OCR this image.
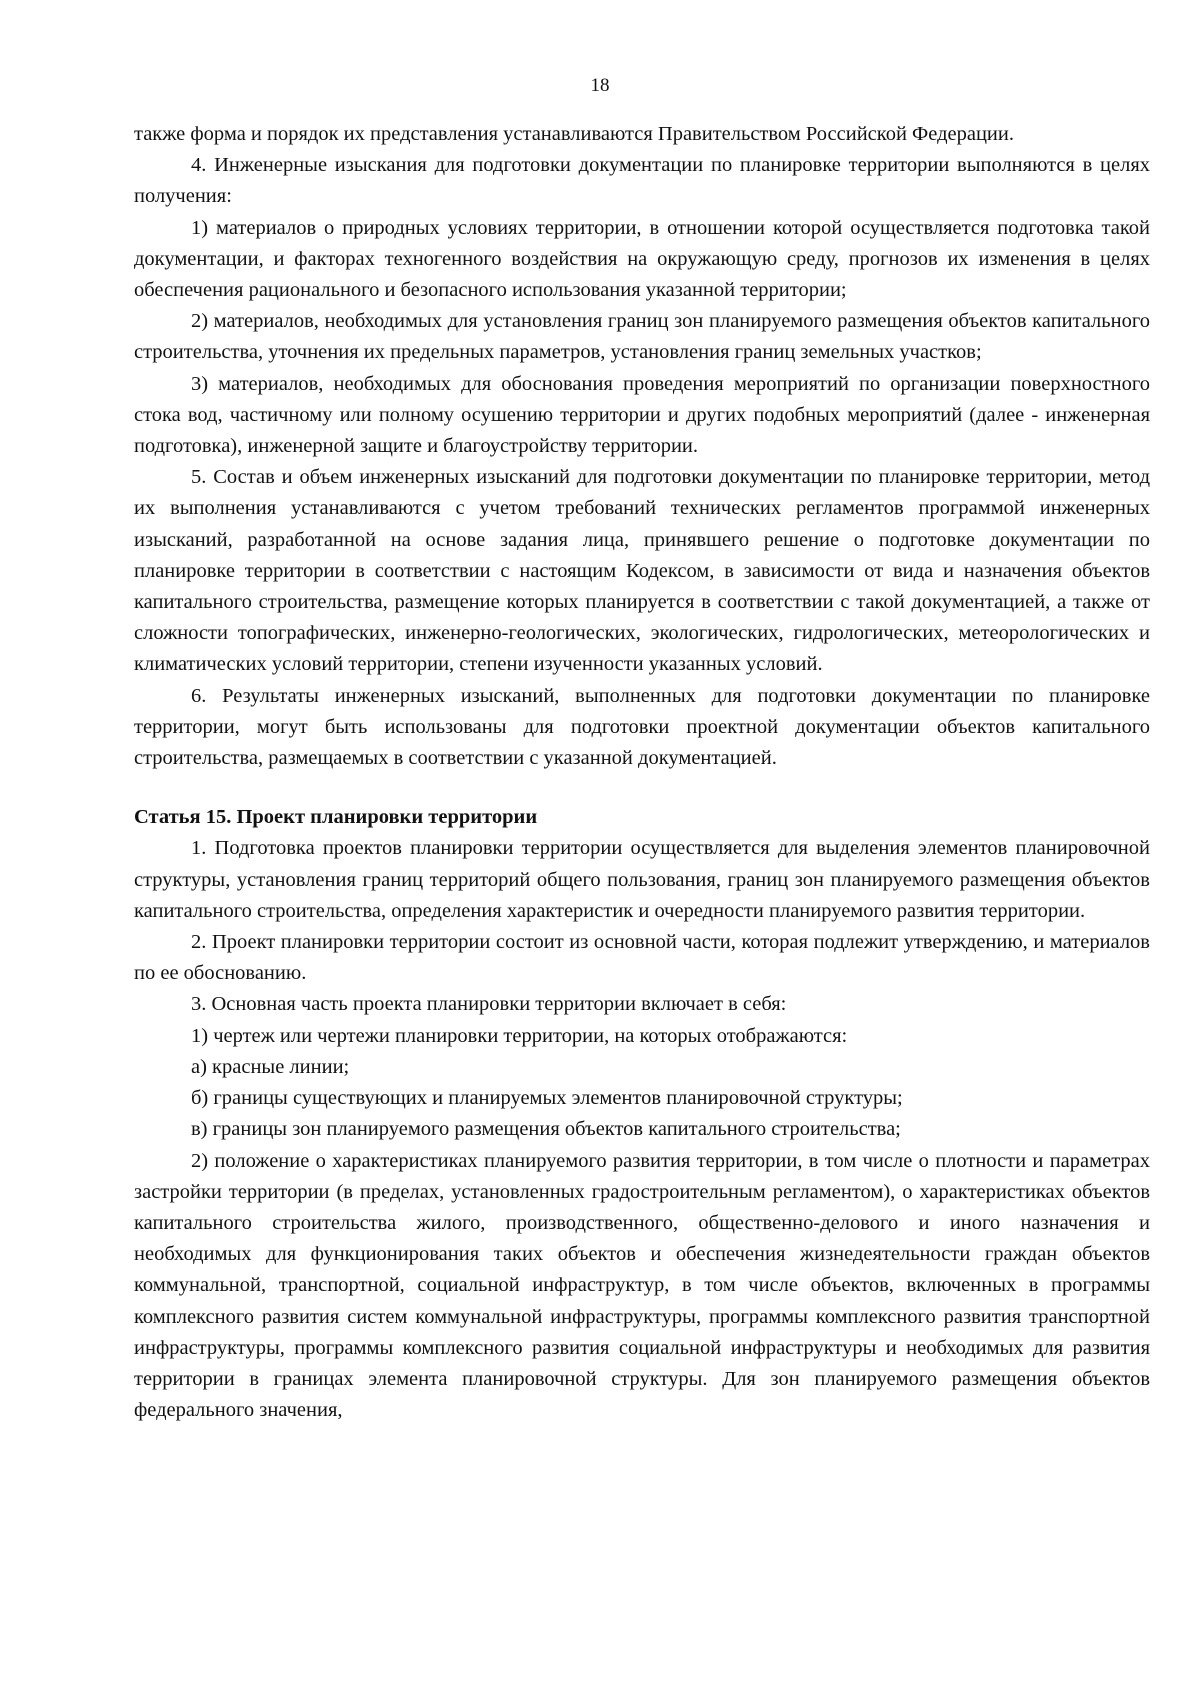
18

также форма и порядок их представления устанавливаются Правительством Российской Федерации.

4. Инженерные изыскания для подготовки документации по планировке территории выполняются в целях получения:

1) материалов о природных условиях территории, в отношении которой осуществляется подготовка такой документации, и факторах техногенного воздействия на окружающую среду, прогнозов их изменения в целях обеспечения рационального и безопасного использования указанной территории;

2) материалов, необходимых для установления границ зон планируемого размещения объектов капитального строительства, уточнения их предельных параметров, установления границ земельных участков;

3) материалов, необходимых для обоснования проведения мероприятий по организации поверхностного стока вод, частичному или полному осушению территории и других подобных мероприятий (далее - инженерная подготовка), инженерной защите и благоустройству территории.

5. Состав и объем инженерных изысканий для подготовки документации по планировке территории, метод их выполнения устанавливаются с учетом требований технических регламентов программой инженерных изысканий, разработанной на основе задания лица, принявшего решение о подготовке документации по планировке территории в соответствии с настоящим Кодексом, в зависимости от вида и назначения объектов капитального строительства, размещение которых планируется в соответствии с такой документацией, а также от сложности топографических, инженерно-геологических, экологических, гидрологических, метеорологических и климатических условий территории, степени изученности указанных условий.

6. Результаты инженерных изысканий, выполненных для подготовки документации по планировке территории, могут быть использованы для подготовки проектной документации объектов капитального строительства, размещаемых в соответствии с указанной документацией.

Статья 15. Проект планировки территории

1. Подготовка проектов планировки территории осуществляется для выделения элементов планировочной структуры, установления границ территорий общего пользования, границ зон планируемого размещения объектов капитального строительства, определения характеристик и очередности планируемого развития территории.

2. Проект планировки территории состоит из основной части, которая подлежит утверждению, и материалов по ее обоснованию.

3. Основная часть проекта планировки территории включает в себя:

1) чертеж или чертежи планировки территории, на которых отображаются:

а) красные линии;

б) границы существующих и планируемых элементов планировочной структуры;

в) границы зон планируемого размещения объектов капитального строительства;

2) положение о характеристиках планируемого развития территории, в том числе о плотности и параметрах застройки территории (в пределах, установленных градостроительным регламентом), о характеристиках объектов капитального строительства жилого, производственного, общественно-делового и иного назначения и необходимых для функционирования таких объектов и обеспечения жизнедеятельности граждан объектов коммунальной, транспортной, социальной инфраструктур, в том числе объектов, включенных в программы комплексного развития систем коммунальной инфраструктуры, программы комплексного развития транспортной инфраструктуры, программы комплексного развития социальной инфраструктуры и необходимых для развития территории в границах элемента планировочной структуры. Для зон планируемого размещения объектов федерального значения,
